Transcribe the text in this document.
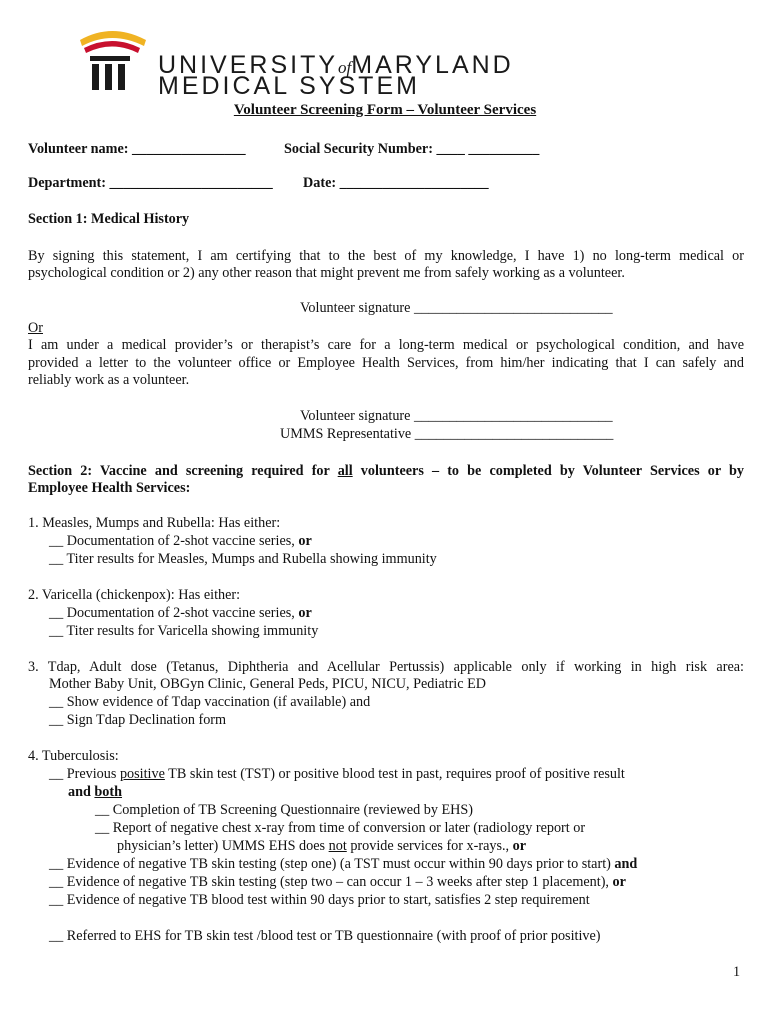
UNIVERSITYofMARYLAND
MEDICAL SYSTEM
Volunteer Screening Form – Volunteer Services
Volunteer name: ________________	Social Security Number: ____ __________
Department: _______________________ Date: _____________________
Section 1: Medical History
By signing this statement, I am certifying that to the best of my knowledge, I have 1) no long-term medical or
psychological condition or 2) any other reason that might prevent me from safely working as a volunteer.
Volunteer signature ____________________________
Or
I am under a medical provider’s or therapist’s care for a long-term medical or psychological condition, and have
provided a letter to the volunteer office or Employee Health Services, from him/her indicating that I can safely and
reliably work as a volunteer.
Volunteer signature ____________________________
UMMS Representative ____________________________
Section 2: Vaccine and screening required for all volunteers – to be completed by Volunteer Services or by
Employee Health Services:
1. Measles, Mumps and Rubella: Has either:
__ Documentation of 2-shot vaccine series, or
__ Titer results for Measles, Mumps and Rubella showing immunity
2. Varicella (chickenpox): Has either:
__ Documentation of 2-shot vaccine series, or
__ Titer results for Varicella showing immunity
3. Tdap, Adult dose (Tetanus, Diphtheria and Acellular Pertussis) applicable only if working in high risk area:
Mother Baby Unit, OBGyn Clinic, General Peds, PICU, NICU, Pediatric ED
__ Show evidence of Tdap vaccination (if available) and
__ Sign Tdap Declination form
4. Tuberculosis:
__ Previous positive TB skin test (TST) or positive blood test in past, requires proof of positive result
and both
__ Completion of TB Screening Questionnaire (reviewed by EHS)
__ Report of negative chest x-ray from time of conversion or later (radiology report or
physician’s letter) UMMS EHS does not provide services for x-rays., or
__ Evidence of negative TB skin testing (step one) (a TST must occur within 90 days prior to start) and
__ Evidence of negative TB skin testing (step two – can occur 1 – 3 weeks after step 1 placement), or
__ Evidence of negative TB blood test within 90 days prior to start, satisfies 2 step requirement
__ Referred to EHS for TB skin test /blood test or TB questionnaire (with proof of prior positive)
1
